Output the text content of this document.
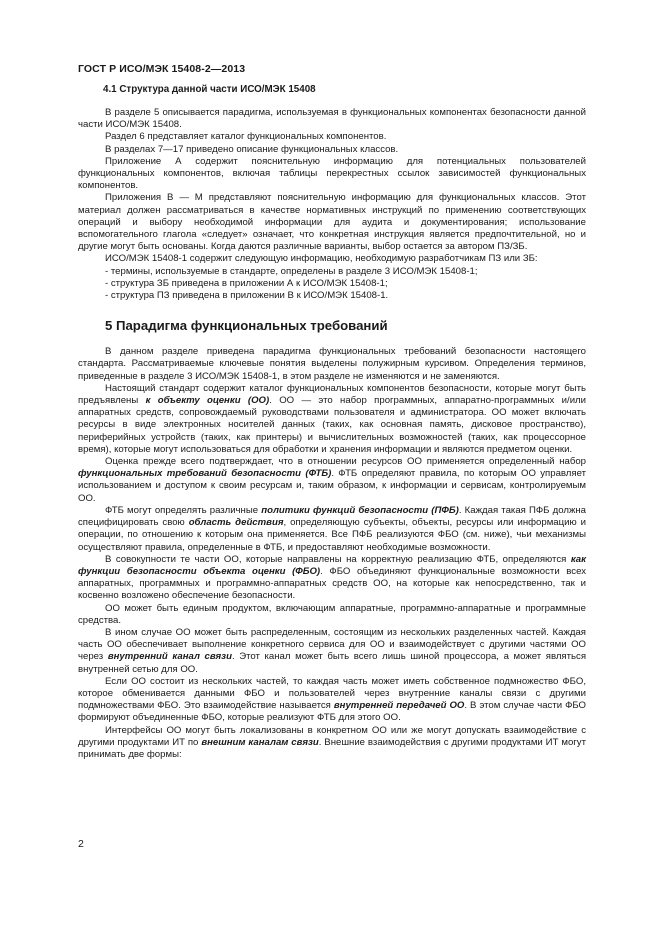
ГОСТ Р ИСО/МЭК 15408-2—2013
4.1 Структура данной части ИСО/МЭК 15408

В разделе 5 описывается парадигма, используемая в функциональных компонентах безопасности данной части ИСО/МЭК 15408.

Раздел 6 представляет каталог функциональных компонентов.

В разделах 7—17 приведено описание функциональных классов.

Приложение А содержит пояснительную информацию для потенциальных пользователей функциональных компонентов, включая таблицы перекрестных ссылок зависимостей функциональных компонентов.

Приложения В — М представляют пояснительную информацию для функциональных классов. Этот материал должен рассматриваться в качестве нормативных инструкций по применению соответствующих операций и выбору необходимой информации для аудита и документирования; использование вспомогательного глагола «следует» означает, что конкретная инструкция является предпочтительной, но и другие могут быть основаны. Когда даются различные варианты, выбор остается за автором ПЗ/ЗБ.

ИСО/МЭК 15408-1 содержит следующую информацию, необходимую разработчикам ПЗ или ЗБ:

- термины, используемые в стандарте, определены в разделе 3 ИСО/МЭК 15408-1;
- структура ЗБ приведена в приложении А к ИСО/МЭК 15408-1;
- структура ПЗ приведена в приложении В к ИСО/МЭК 15408-1.
5 Парадигма функциональных требований

В данном разделе приведена парадигма функциональных требований безопасности настоящего стандарта. Рассматриваемые ключевые понятия выделены полужирным курсивом. Определения терминов, приведенные в разделе 3 ИСО/МЭК 15408-1, в этом разделе не изменяются и не заменяются.

Настоящий стандарт содержит каталог функциональных компонентов безопасности, которые могут быть предъявлены к объекту оценки (ОО). ОО — это набор программных, аппаратно-программных и/или аппаратных средств, сопровождаемый руководствами пользователя и администратора. ОО может включать ресурсы в виде электронных носителей данных (таких, как основная память, дисковое пространство), периферийных устройств (таких, как принтеры) и вычислительных возможностей (таких, как процессорное время), которые могут использоваться для обработки и хранения информации и являются предметом оценки.

Оценка прежде всего подтверждает, что в отношении ресурсов ОО применяется определенный набор функциональных требований безопасности (ФТБ). ФТБ определяют правила, по которым ОО управляет использованием и доступом к своим ресурсам и, таким образом, к информации и сервисам, контролируемым ОО.

ФТБ могут определять различные политики функций безопасности (ПФБ). Каждая такая ПФБ должна специфицировать свою область действия, определяющую субъекты, объекты, ресурсы или информацию и операции, по отношению к которым она применяется. Все ПФБ реализуются ФБО (см. ниже), чьи механизмы осуществляют правила, определенные в ФТБ, и предоставляют необходимые возможности.

В совокупности те части ОО, которые направлены на корректную реализацию ФТБ, определяются как функции безопасности объекта оценки (ФБО). ФБО объединяют функциональные возможности всех аппаратных, программных и программно-аппаратных средств ОО, на которые как непосредственно, так и косвенно возложено обеспечение безопасности.

ОО может быть единым продуктом, включающим аппаратные, программно-аппаратные и программные средства.

В ином случае ОО может быть распределенным, состоящим из нескольких разделенных частей. Каждая часть ОО обеспечивает выполнение конкретного сервиса для ОО и взаимодействует с другими частями ОО через внутренний канал связи. Этот канал может быть всего лишь шиной процессора, а может являться внутренней сетью для ОО.

Если ОО состоит из нескольких частей, то каждая часть может иметь собственное подмножество ФБО, которое обменивается данными ФБО и пользователей через внутренние каналы связи с другими подмножествами ФБО. Это взаимодействие называется внутренней передачей ОО. В этом случае части ФБО формируют объединенные ФБО, которые реализуют ФТБ для этого ОО.

Интерфейсы ОО могут быть локализованы в конкретном ОО или же могут допускать взаимодействие с другими продуктами ИТ по внешним каналам связи. Внешние взаимодействия с другими продуктами ИТ могут принимать две формы:

2
